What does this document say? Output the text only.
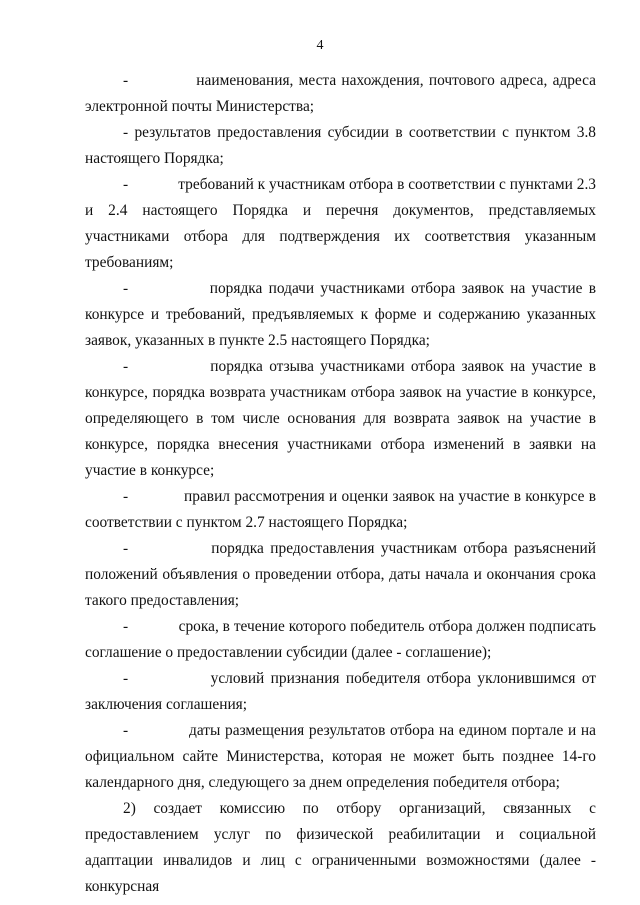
4

-             наименования, места нахождения, почтового адреса, адреса электронной почты Министерства;

- результатов предоставления субсидии в соответствии с пунктом 3.8 настоящего Порядка;

-             требований к участникам отбора в соответствии с пунктами 2.3 и 2.4 настоящего Порядка и перечня документов, представляемых участниками отбора для подтверждения их соответствия указанным требованиям;

-             порядка подачи участниками отбора заявок на участие в конкурсе и требований, предъявляемых к форме и содержанию указанных заявок, указанных в пункте 2.5 настоящего Порядка;

-             порядка отзыва участниками отбора заявок на участие в конкурсе, порядка возврата участникам отбора заявок на участие в конкурсе, определяющего в том числе основания для возврата заявок на участие в конкурсе, порядка внесения участниками отбора изменений в заявки на участие в конкурсе;

-             правил рассмотрения и оценки заявок на участие в конкурсе в соответствии с пунктом 2.7 настоящего Порядка;

-             порядка предоставления участникам отбора разъяснений положений объявления о проведении отбора, даты начала и окончания срока такого предоставления;

-             срока, в течение которого победитель отбора должен подписать соглашение о предоставлении субсидии (далее - соглашение);

-             условий признания победителя отбора уклонившимся от заключения соглашения;

-             даты размещения результатов отбора на едином портале и на официальном сайте Министерства, которая не может быть позднее 14-го календарного дня, следующего за днем определения победителя отбора;

2) создает комиссию по отбору организаций, связанных с предоставлением услуг по физической реабилитации и социальной адаптации инвалидов и лиц с ограниченными возможностями (далее - конкурсная
